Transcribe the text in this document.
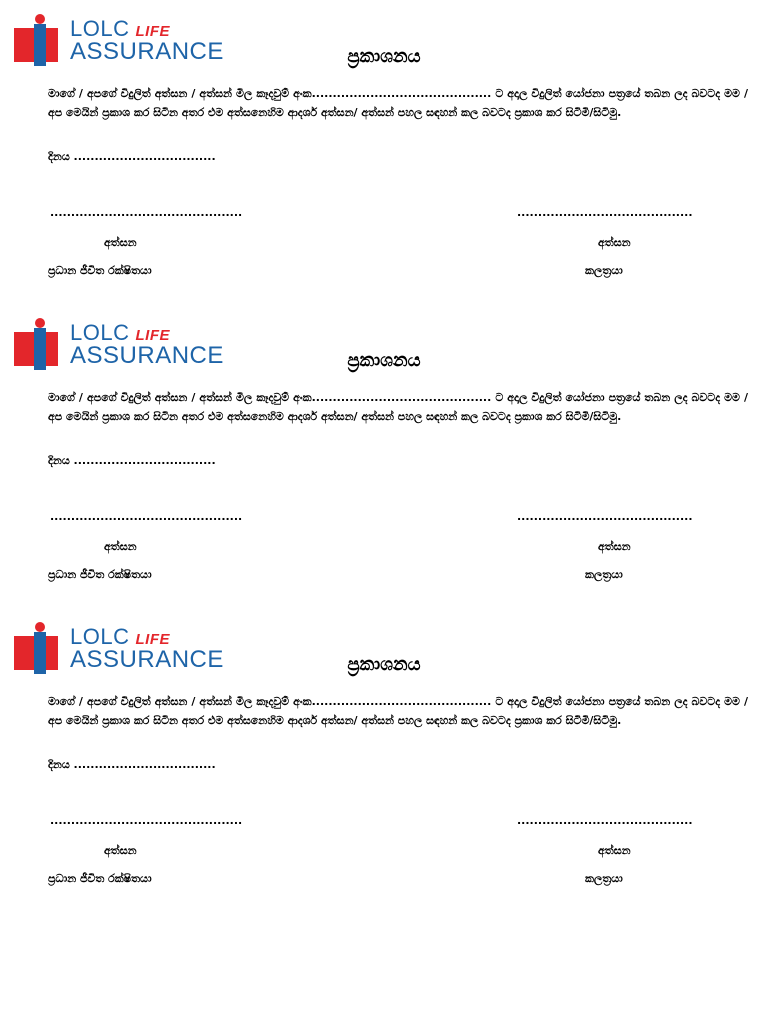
LOLC LIFE
ASSURANCE	ප්‍රකාශනය
මාගේ / අපගේ විදුලිත් අත්සන / අත්සන් මිල කෑදවුම් අංක........................................... ට අදාල විදුලිත් යෝජනා පත්‍රයේ තබන ලද බවටද මම / අප මෙයින් ප්‍රකාශ කර සිටින අතර එම අත්සනෙහිම ආදර්ශ අත්සන/ අත්සන් පහල සඳහන් කල බවටද ප්‍රකාශ කර සිටිමි/සිටිමු.
දිනය ..................................
..............................................	..........................................
අත්සන	අත්සන
ප්‍රධාන ජීවිත රක්ෂිතයා	කලත්‍රයා
LOLC LIFE
ASSURANCE	ප්‍රකාශනය
මාගේ / අපගේ විදුලිත් අත්සන / අත්සන් මිල කෑදවුම් අංක........................................... ට අදාල විදුලිත් යෝජනා පත්‍රයේ තබන ලද බවටද මම / අප මෙයින් ප්‍රකාශ කර සිටින අතර එම අත්සනෙහිම ආදර්ශ අත්සන/ අත්සන් පහල සඳහන් කල බවටද ප්‍රකාශ කර සිටිමි/සිටිමු.
දිනය ..................................
..............................................	..........................................
අත්සන	අත්සන
ප්‍රධාන ජීවිත රක්ෂිතයා	කලත්‍රයා
LOLC LIFE
ASSURANCE	ප්‍රකාශනය
මාගේ / අපගේ විදුලිත් අත්සන / අත්සන් මිල කෑදවුම් අංක........................................... ට අදාල විදුලිත් යෝජනා පත්‍රයේ තබන ලද බවටද මම / අප මෙයින් ප්‍රකාශ කර සිටින අතර එම අත්සනෙහිම ආදර්ශ අත්සන/ අත්සන් පහල සඳහන් කල බවටද ප්‍රකාශ කර සිටිමි/සිටිමු.
දිනය ..................................
..............................................	..........................................
අත්සන	අත්සන
ප්‍රධාන ජීවිත රක්ෂිතයා	කලත්‍රයා
